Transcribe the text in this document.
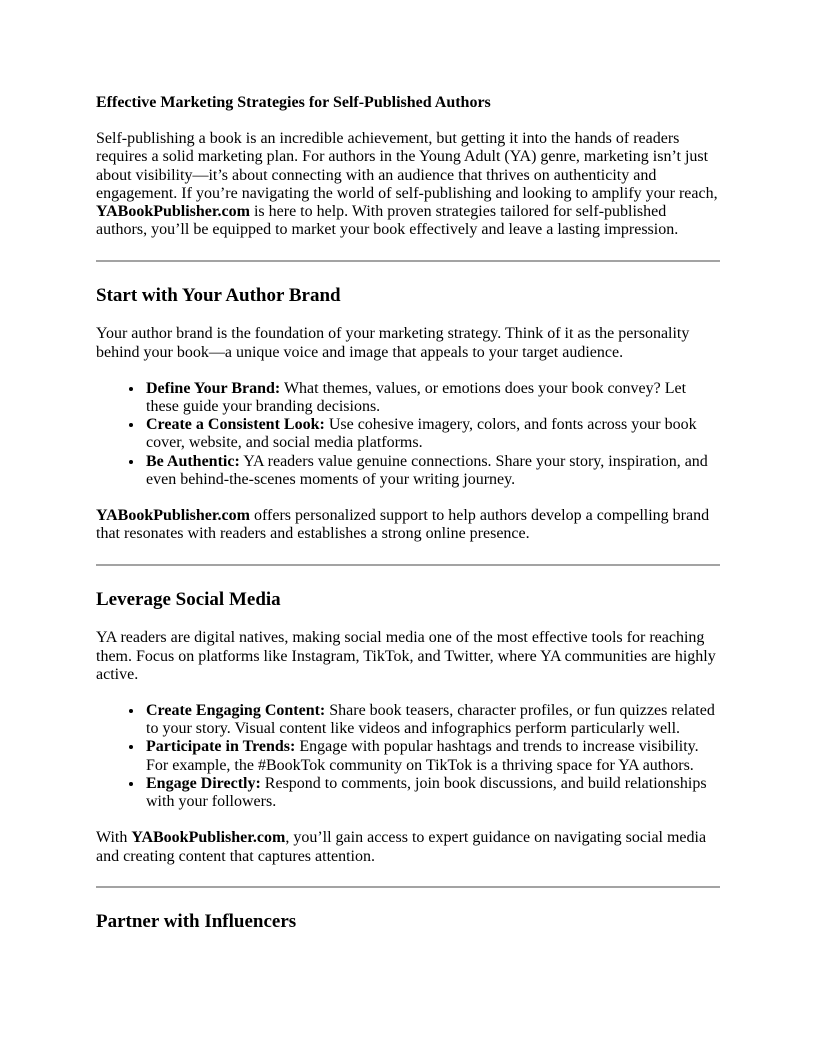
Effective Marketing Strategies for Self-Published Authors

Self-publishing a book is an incredible achievement, but getting it into the hands of readers requires a solid marketing plan. For authors in the Young Adult (YA) genre, marketing isn’t just about visibility—it’s about connecting with an audience that thrives on authenticity and engagement. If you’re navigating the world of self-publishing and looking to amplify your reach, YABookPublisher.com is here to help. With proven strategies tailored for self-published authors, you’ll be equipped to market your book effectively and leave a lasting impression.

Start with Your Author Brand

Your author brand is the foundation of your marketing strategy. Think of it as the personality behind your book—a unique voice and image that appeals to your target audience.

• Define Your Brand: What themes, values, or emotions does your book convey? Let these guide your branding decisions.
• Create a Consistent Look: Use cohesive imagery, colors, and fonts across your book cover, website, and social media platforms.
• Be Authentic: YA readers value genuine connections. Share your story, inspiration, and even behind-the-scenes moments of your writing journey.

YABookPublisher.com offers personalized support to help authors develop a compelling brand that resonates with readers and establishes a strong online presence.

Leverage Social Media

YA readers are digital natives, making social media one of the most effective tools for reaching them. Focus on platforms like Instagram, TikTok, and Twitter, where YA communities are highly active.

• Create Engaging Content: Share book teasers, character profiles, or fun quizzes related to your story. Visual content like videos and infographics perform particularly well.
• Participate in Trends: Engage with popular hashtags and trends to increase visibility. For example, the #BookTok community on TikTok is a thriving space for YA authors.
• Engage Directly: Respond to comments, join book discussions, and build relationships with your followers.

With YABookPublisher.com, you’ll gain access to expert guidance on navigating social media and creating content that captures attention.

Partner with Influencers
